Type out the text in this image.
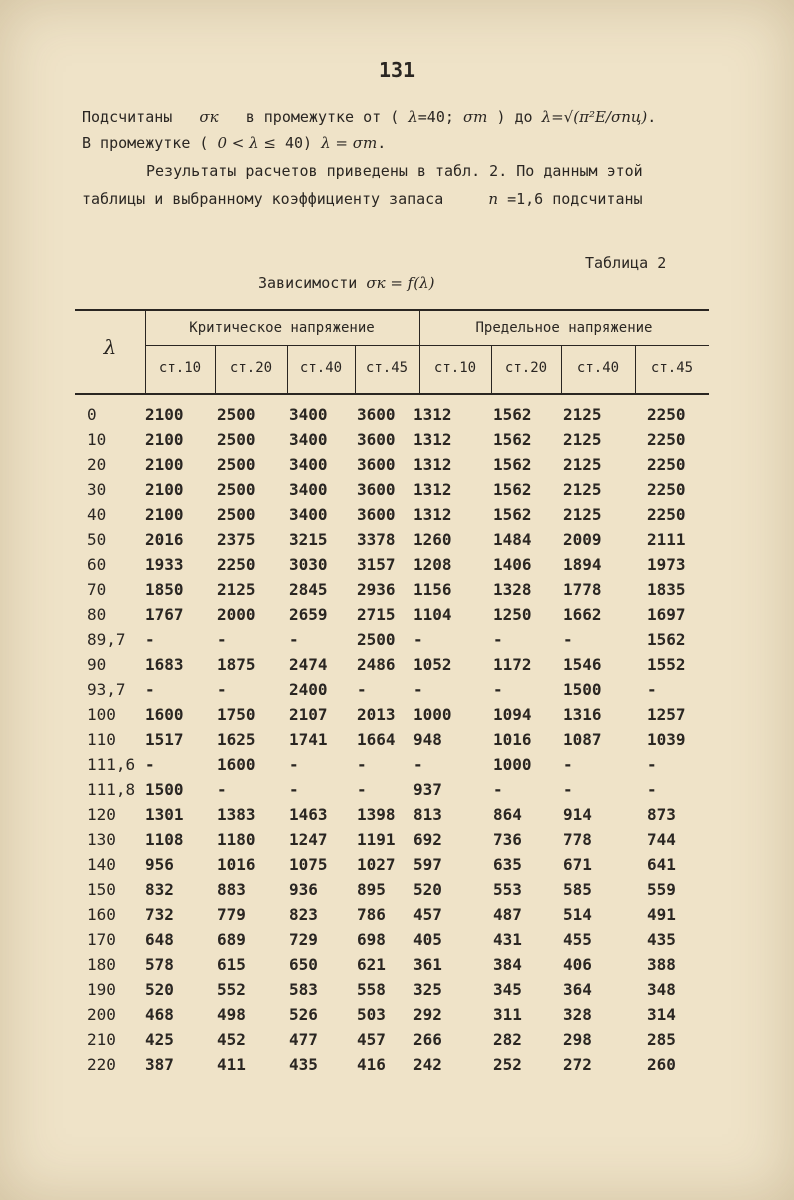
131
Подсчитаны σк в промежутке от ( λ=40; σт ) до λ=√(π²E/σпц).
В промежутке ( 0 < λ ≤ 40) λ = σт.
Результаты расчетов приведены в табл. 2. По данным этой
таблицы и выбранному коэффициенту запаса	n =1,6 подсчитаны
Таблица 2
Зависимости σк = f(λ)
λ
Критическое напряжение	Предельное напряжение
ст.10	ст.20	ст.40	ст.45	ст.10	ст.20	ст.40	ст.45
0	2100 2500 3400 3600 1312	1562 2125	2250
10 2100 2500 3400 3600 1312	1562 2125	2250
20 2100 2500 3400 3600 1312	1562 2125	2250
30 2100 2500 3400 3600 1312	1562 2125	2250
40 2100 2500 3400 3600 1312	1562 2125	2250
50 2016 2375 3215 3378 1260	1484 2009	2111
60 1933 2250 3030 3157 1208	1406 1894	1973
70 1850 2125 2845 2936 1156	1328 1778	1835
80 1767 2000 2659 2715 1104	1250 1662	1697
89,7 -	-	-	2500 -	-	-	1562
90 1683 1875 2474 2486 1052	1172 1546	1552
93,7 -	-	2400 -	-	-	1500	-
100 1600 1750 2107 2013 1000	1094 1316	1257
110 1517 1625 1741 1664 948	1016 1087	1039
111,6 -	1600 -	-	-	1000 -	-
111,8 1500 -	-	-	937	-	-	-
120 1301 1383 1463 1398 813	864	914	873
130 1108 1180 1247 1191 692	736	778	744
140 956	1016 1075 1027 597	635	671	641
150 832	883	936 895 520	553	585	559
160 732	779	823 786 457	487	514	491
170 648	689	729 698 405	431	455	435
180 578	615	650 621 361	384	406	388
190 520	552	583 558 325	345	364	348
200 468	498	526 503 292	311	328	314
210 425	452	477 457 266	282	298	285
220 387	411	435 416 242	252	272	260
